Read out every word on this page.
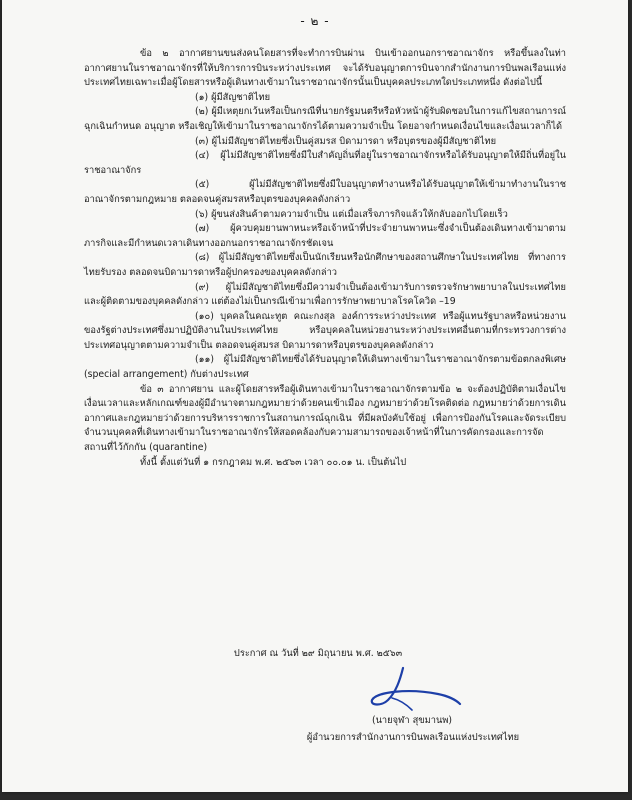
- ๒ -

ข้อ ๒ อากาศยานขนส่งคนโดยสารที่จะทำการบินผ่าน บินเข้าออกนอกราชอาณาจักร หรือขึ้นลงในท่าอากาศยานในราชอาณาจักรที่ให้บริการการบินระหว่างประเทศ จะได้รับอนุญาตการบินจากสำนักงานการบินพลเรือนแห่งประเทศไทยเฉพาะเมื่อผู้โดยสารหรือผู้เดินทางเข้ามาในราชอาณาจักรนั้นเป็นบุคคลประเภทใดประเภทหนึ่ง ดังต่อไปนี้

(๑) ผู้มีสัญชาติไทย

(๒) ผู้มีเหตุยกเว้นหรือเป็นกรณีที่นายกรัฐมนตรีหรือหัวหน้าผู้รับผิดชอบในการแก้ไขสถานการณ์ฉุกเฉินกำหนด อนุญาต หรือเชิญให้เข้ามาในราชอาณาจักรได้ตามความจำเป็น โดยอาจกำหนดเงื่อนไขและเงื่อนเวลาก็ได้

(๓) ผู้ไม่มีสัญชาติไทยซึ่งเป็นคู่สมรส บิดามารดา หรือบุตรของผู้มีสัญชาติไทย

(๔) ผู้ไม่มีสัญชาติไทยซึ่งมีใบสำคัญถิ่นที่อยู่ในราชอาณาจักรหรือได้รับอนุญาตให้มีถิ่นที่อยู่ในราชอาณาจักร

(๕) ผู้ไม่มีสัญชาติไทยซึ่งมีใบอนุญาตทำงานหรือได้รับอนุญาตให้เข้ามาทำงานในราชอาณาจักรตามกฎหมาย ตลอดจนคู่สมรสหรือบุตรของบุคคลดังกล่าว

(๖) ผู้ขนส่งสินค้าตามความจำเป็น แต่เมื่อเสร็จภารกิจแล้วให้กลับออกไปโดยเร็ว

(๗) ผู้ควบคุมยานพาหนะหรือเจ้าหน้าที่ประจำยานพาหนะซึ่งจำเป็นต้องเดินทางเข้ามาตามภารกิจและมีกำหนดเวลาเดินทางออกนอกราชอาณาจักรชัดเจน

(๘) ผู้ไม่มีสัญชาติไทยซึ่งเป็นนักเรียนหรือนักศึกษาของสถานศึกษาในประเทศไทย ที่ทางการไทยรับรอง ตลอดจนบิดามารดาหรือผู้ปกครองของบุคคลดังกล่าว

(๙) ผู้ไม่มีสัญชาติไทยซึ่งมีความจำเป็นต้องเข้ามารับการตรวจรักษาพยาบาลในประเทศไทยและผู้ติดตามของบุคคลดังกล่าว แต่ต้องไม่เป็นกรณีเข้ามาเพื่อการรักษาพยาบาลโรคโควิด –19

(๑๐) บุคคลในคณะทูต คณะกงสุล องค์การระหว่างประเทศ หรือผู้แทนรัฐบาลหรือหน่วยงานของรัฐต่างประเทศซึ่งมาปฏิบัติงานในประเทศไทย หรือบุคคลในหน่วยงานระหว่างประเทศอื่นตามที่กระทรวงการต่างประเทศอนุญาตตามความจำเป็น ตลอดจนคู่สมรส บิดามารดาหรือบุตรของบุคคลดังกล่าว

(๑๑) ผู้ไม่มีสัญชาติไทยซึ่งได้รับอนุญาตให้เดินทางเข้ามาในราชอาณาจักรตามข้อตกลงพิเศษ (special arrangement) กับต่างประเทศ

ข้อ ๓ อากาศยาน และผู้โดยสารหรือผู้เดินทางเข้ามาในราชอาณาจักรตามข้อ ๒ จะต้องปฏิบัติตามเงื่อนไข เงื่อนเวลาและหลักเกณฑ์ของผู้มีอำนาจตามกฎหมายว่าด้วยคนเข้าเมือง กฎหมายว่าด้วยโรคติดต่อ กฎหมายว่าด้วยการเดินอากาศและกฎหมายว่าด้วยการบริหารราชการในสถานการณ์ฉุกเฉิน ที่มีผลบังคับใช้อยู่ เพื่อการป้องกันโรคและจัดระเบียบจำนวนบุคคลที่เดินทางเข้ามาในราชอาณาจักรให้สอดคล้องกับความสามารถของเจ้าหน้าที่ในการคัดกรองและการจัดสถานที่ไว้กักกัน (quarantine)

ทั้งนี้ ตั้งแต่วันที่ ๑ กรกฎาคม พ.ศ. ๒๕๖๓ เวลา ๐๐.๐๑ น. เป็นต้นไป

ประกาศ ณ วันที่ ๒๙ มิถุนายน พ.ศ. ๒๕๖๓
(นายจุฬา สุขมานพ)
ผู้อำนวยการสำนักงานการบินพลเรือนแห่งประเทศไทย
